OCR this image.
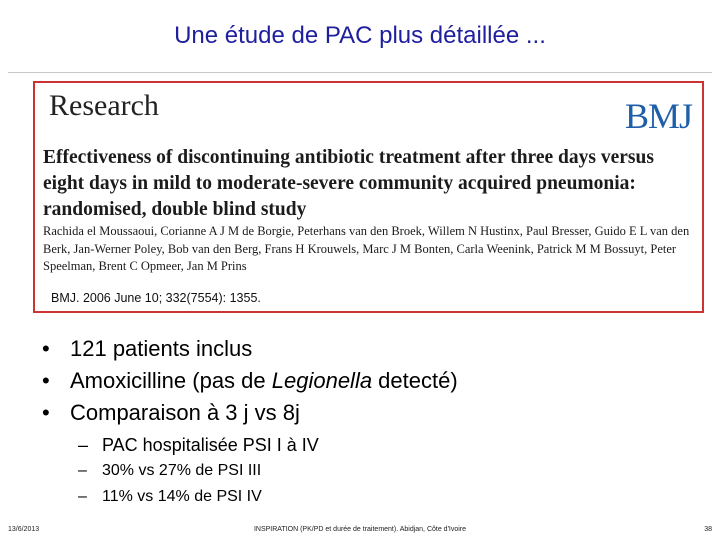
Une étude de PAC plus détaillée ...
Research	BMJ
Effectiveness of discontinuing antibiotic treatment after three days versus eight days in mild to moderate-severe community acquired pneumonia: randomised, double blind study
Rachida el Moussaoui, Corianne A J M de Borgie, Peterhans van den Broek, Willem N Hustinx, Paul Bresser, Guido E L van den Berk, Jan-Werner Poley, Bob van den Berg, Frans H Krouwels, Marc J M Bonten, Carla Weenink, Patrick M M Bossuyt, Peter Speelman, Brent C Opmeer, Jan M Prins
BMJ. 2006 June 10; 332(7554): 1355.
• 121 patients inclus
• Amoxicilline (pas de Legionella detecté)
• Comparaison à 3 j vs 8j
– PAC hospitalisée PSI I à IV
– 30% vs 27% de PSI III
– 11% vs 14% de PSI IV
13/6/2013	INSPIRATION (PK/PD et durée de traitement). Abidjan, Côte d'Ivoire	38
